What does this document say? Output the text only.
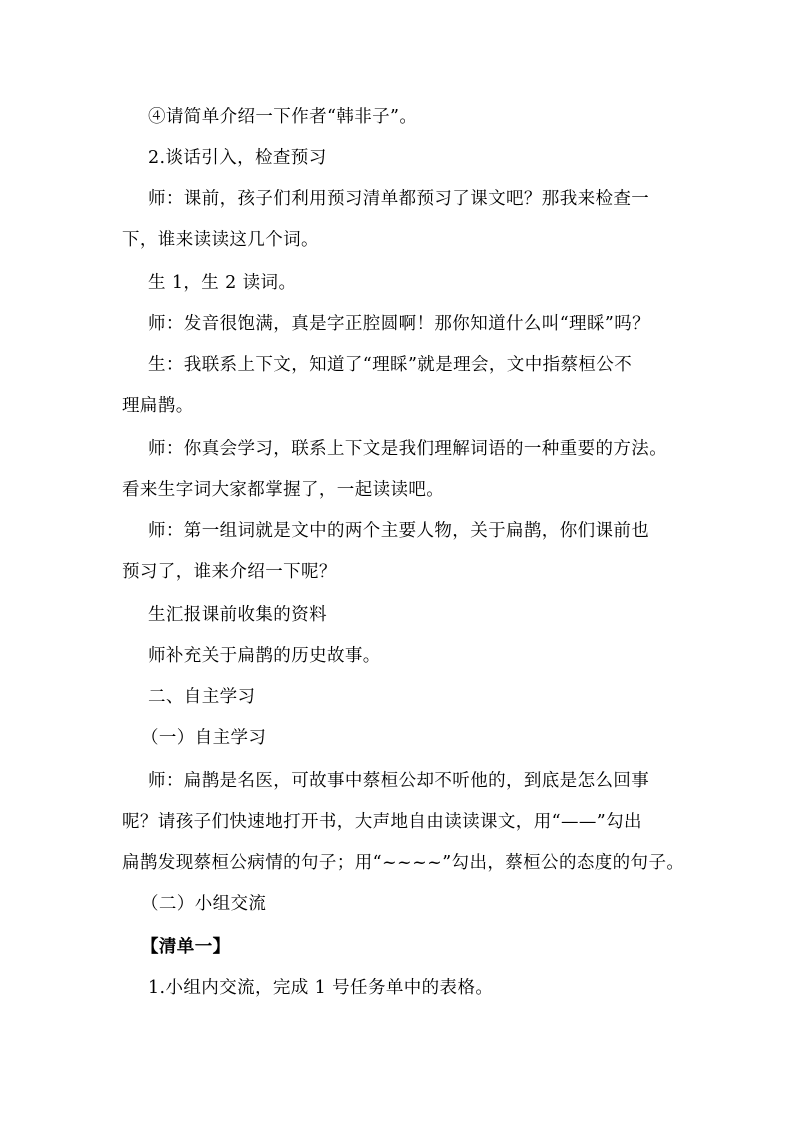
④请简单介绍一下作者“韩非子”。
2.谈话引入，检查预习
师：课前，孩子们利用预习清单都预习了课文吧？那我来检查一
下，谁来读读这几个词。
生 1，生 2 读词。
师：发音很饱满，真是字正腔圆啊！那你知道什么叫“理睬”吗？
生：我联系上下文，知道了“理睬”就是理会，文中指蔡桓公不
理扁鹊。
师：你真会学习，联系上下文是我们理解词语的一种重要的方法。
看来生字词大家都掌握了，一起读读吧。
师：第一组词就是文中的两个主要人物，关于扁鹊，你们课前也
预习了，谁来介绍一下呢？
生汇报课前收集的资料
师补充关于扁鹊的历史故事。
二、自主学习
（一）自主学习
师：扁鹊是名医，可故事中蔡桓公却不听他的，到底是怎么回事
呢？请孩子们快速地打开书，大声地自由读读课文，用“——”勾出
扁鹊发现蔡桓公病情的句子；用“~~~~”勾出，蔡桓公的态度的句子。
（二）小组交流
【清单一】
1.小组内交流，完成 1 号任务单中的表格。
